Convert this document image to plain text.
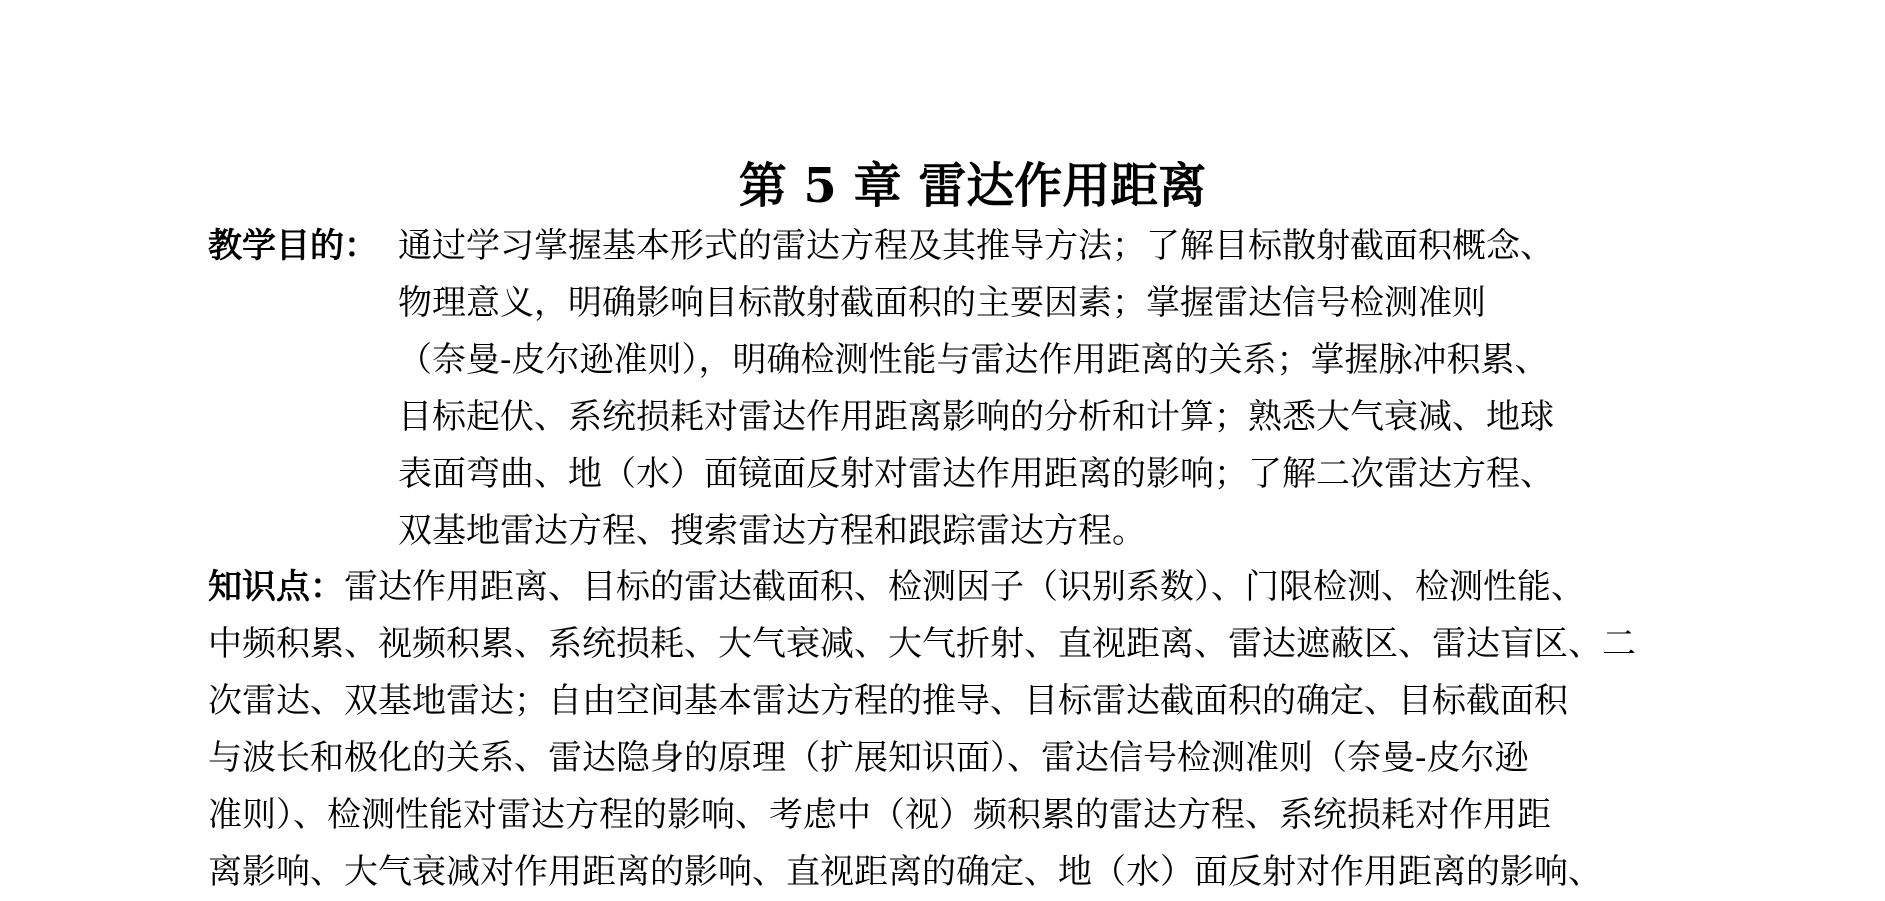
第 5 章 雷达作用距离
教学目的： 通过学习掌握基本形式的雷达方程及其推导方法；了解目标散射截面积概念、
物理意义，明确影响目标散射截面积的主要因素；掌握雷达信号检测准则
（奈曼-皮尔逊准则），明确检测性能与雷达作用距离的关系；掌握脉冲积累、
目标起伏、系统损耗对雷达作用距离影响的分析和计算；熟悉大气衰减、地球
表面弯曲、地（水）面镜面反射对雷达作用距离的影响；了解二次雷达方程、
双基地雷达方程、搜索雷达方程和跟踪雷达方程。
知识点：雷达作用距离、目标的雷达截面积、检测因子（识别系数）、门限检测、检测性能、
中频积累、视频积累、系统损耗、大气衰减、大气折射、直视距离、雷达遮蔽区、雷达盲区、二
次雷达、双基地雷达；自由空间基本雷达方程的推导、目标雷达截面积的确定、目标截面积
与波长和极化的关系、雷达隐身的原理（扩展知识面）、雷达信号检测准则（奈曼-皮尔逊
准则）、检测性能对雷达方程的影响、考虑中（视）频积累的雷达方程、系统损耗对作用距
离影响、大气衰减对作用距离的影响、直视距离的确定、地（水）面反射对作用距离的影响、
